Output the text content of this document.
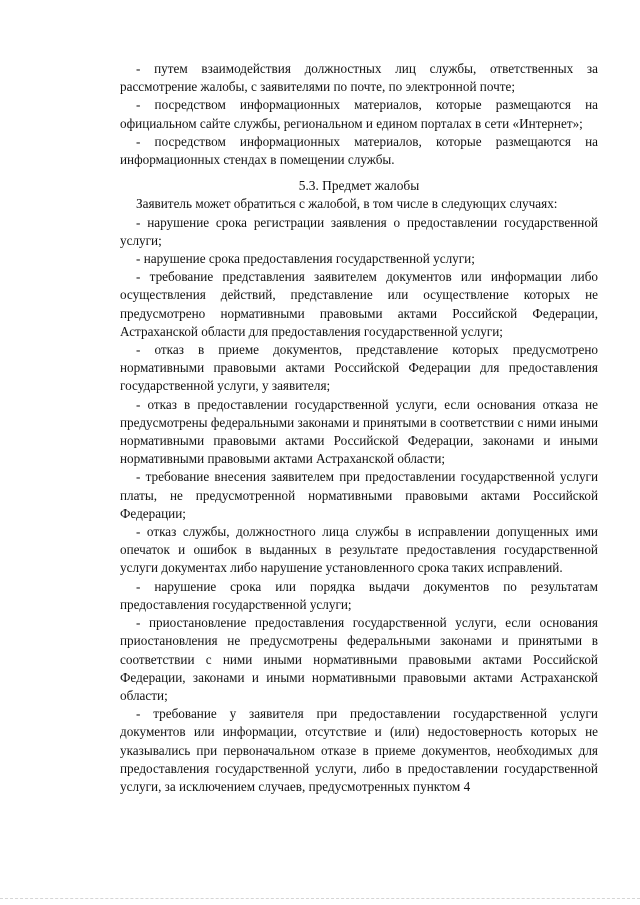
- путем взаимодействия должностных лиц службы, ответственных за рассмотрение жалобы, с заявителями по почте, по электронной почте;

- посредством информационных материалов, которые размещаются на официальном сайте службы, региональном и едином порталах в сети «Интернет»;

- посредством информационных материалов, которые размещаются на информационных стендах в помещении службы.

5.3. Предмет жалобы

Заявитель может обратиться с жалобой, в том числе в следующих случаях:

- нарушение срока регистрации заявления о предоставлении государственной услуги;

- нарушение срока предоставления государственной услуги;

- требование представления заявителем документов или информации либо осуществления действий, представление или осуществление которых не предусмотрено нормативными правовыми актами Российской Федерации, Астраханской области для предоставления государственной услуги;

- отказ в приеме документов, представление которых предусмотрено нормативными правовыми актами Российской Федерации для предоставления государственной услуги, у заявителя;

- отказ в предоставлении государственной услуги, если основания отказа не предусмотрены федеральными законами и принятыми в соответствии с ними иными нормативными правовыми актами Российской Федерации, законами и иными нормативными правовыми актами Астраханской области;

- требование внесения заявителем при предоставлении государственной услуги платы, не предусмотренной нормативными правовыми актами Российской Федерации;

- отказ службы, должностного лица службы в исправлении допущенных ими опечаток и ошибок в выданных в результате предоставления государственной услуги документах либо нарушение установленного срока таких исправлений.

- нарушение срока или порядка выдачи документов по результатам предоставления государственной услуги;

- приостановление предоставления государственной услуги, если основания приостановления не предусмотрены федеральными законами и принятыми в соответствии с ними иными нормативными правовыми актами Российской Федерации, законами и иными нормативными правовыми актами Астраханской области;

- требование у заявителя при предоставлении государственной услуги документов или информации, отсутствие и (или) недостоверность которых не указывались при первоначальном отказе в приеме документов, необходимых для предоставления государственной услуги, либо в предоставлении государственной услуги, за исключением случаев, предусмотренных пунктом 4
